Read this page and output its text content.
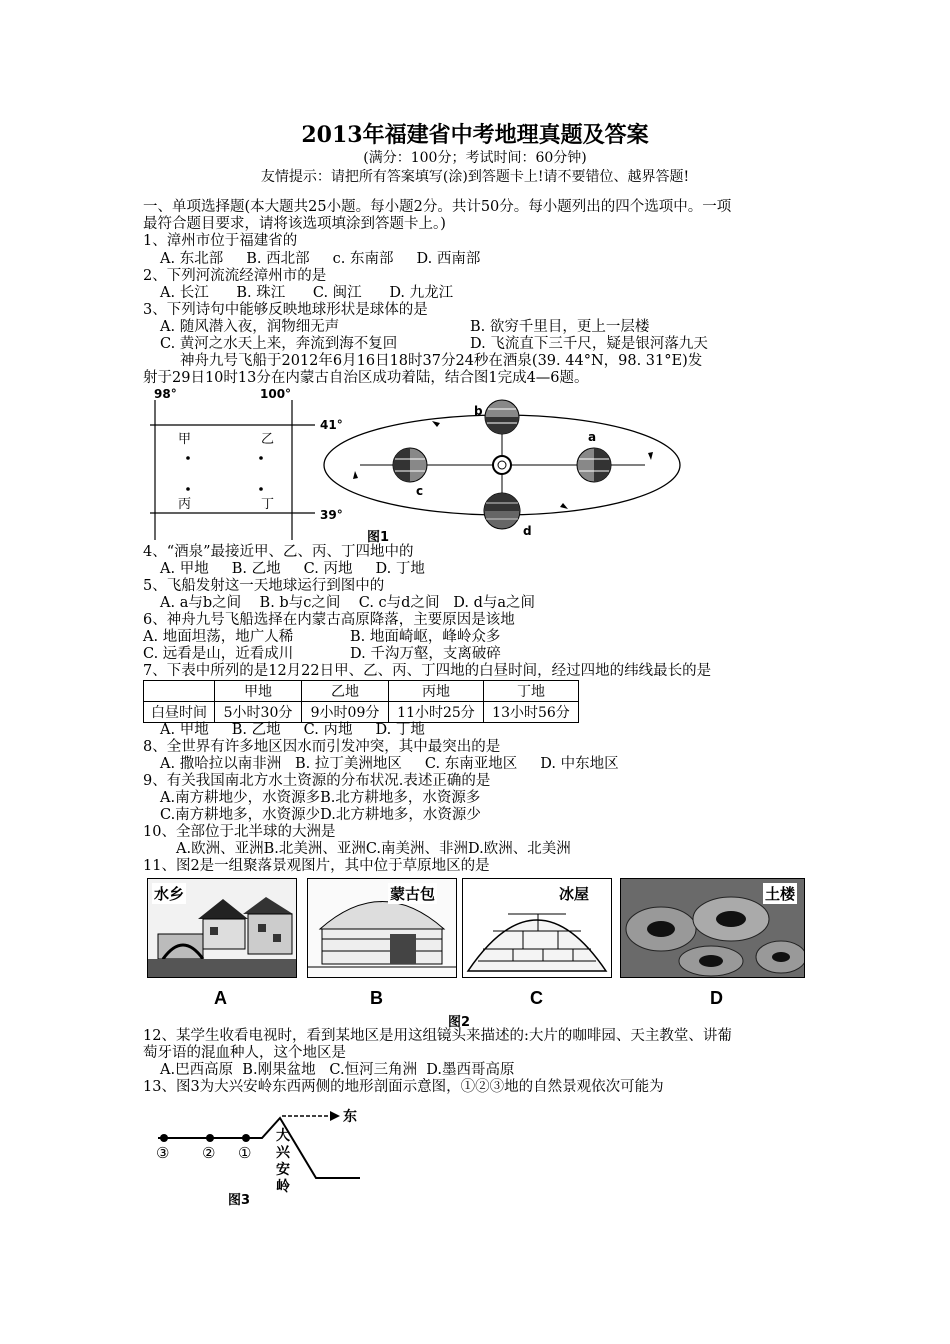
2013年福建省中考地理真题及答案
(满分：100分；考试时间：60分钟)
友情提示：请把所有答案填写(涂)到答题卡上!请不要错位、越界答题!
一、单项选择题(本大题共25小题。每小题2分。共计50分。每小题列出的四个选项中。一项
最符合题目要求，请将该选项填涂到答题卡上。)
1、漳州市位于福建省的
A. 东北部     B. 西北部     c. 东南部     D. 西南部
2、下列河流流经漳州市的是
A. 长江      B. 珠江      C. 闽江      D. 九龙江
3、下列诗句中能够反映地球形状是球体的是
A. 随风潜入夜，润物细无声	B. 欲穷千里目，更上一层楼
C. 黄河之水天上来，奔流到海不复回	D. 飞流直下三千尺，疑是银河落九天
神舟九号飞船于2012年6月16日18时37分24秒在酒泉(39. 44°N，98. 31°E)发
射于29日10时13分在内蒙古自治区成功着陆，结合图1完成4—6题。
98°	100°
41°
39°
甲	乙
丙	丁
a
b
c
d
图1
4、“酒泉”最接近甲、乙、丙、丁四地中的
A. 甲地     B. 乙地     C. 丙地     D. 丁地
5、飞船发射这一天地球运行到图中的
A. a与b之间    B. b与c之间    C. c与d之间   D. d与a之间
6、神舟九号飞船选择在内蒙古高原降落，主要原因是该地
A. 地面坦荡，地广人稀	B. 地面崎岖，峰岭众多
C. 远看是山，近看成川	D. 千沟万壑，支离破碎
7、下表中所列的是12月22日甲、乙、丙、丁四地的白昼时间，经过四地的纬线最长的是
	甲地	乙地	丙地	丁地
白昼时间	5小时30分	9小时09分	11小时25分	13小时56分
A. 甲地     B. 乙地     C. 丙地     D. 丁地
8、全世界有许多地区因水而引发冲突，其中最突出的是
A. 撒哈拉以南非洲   B. 拉丁美洲地区     C. 东南亚地区     D. 中东地区
9、有关我国南北方水土资源的分布状况.表述正确的是
A.南方耕地少，水资源多B.北方耕地多，水资源多
C.南方耕地多，水资源少D.北方耕地多，水资源少
10、全部位于北半球的大洲是
A.欧洲、亚洲B.北美洲、亚洲C.南美洲、非洲D.欧洲、北美洲
11、图2是一组聚落景观图片，其中位于草原地区的是
水乡	蒙古包	冰屋	土楼
A	B	C	D
图2
12、某学生收看电视时，看到某地区是用这组镜头来描述的:大片的咖啡园、天主教堂、讲葡
萄牙语的混血种人，这个地区是
A.巴西高原  B.刚果盆地   C.恒河三角洲  D.墨西哥高原
13、图3为大兴安岭东西两侧的地形剖面示意图，①②③地的自然景观依次可能为
③ ② ①
大
兴
安
岭
东
图3
